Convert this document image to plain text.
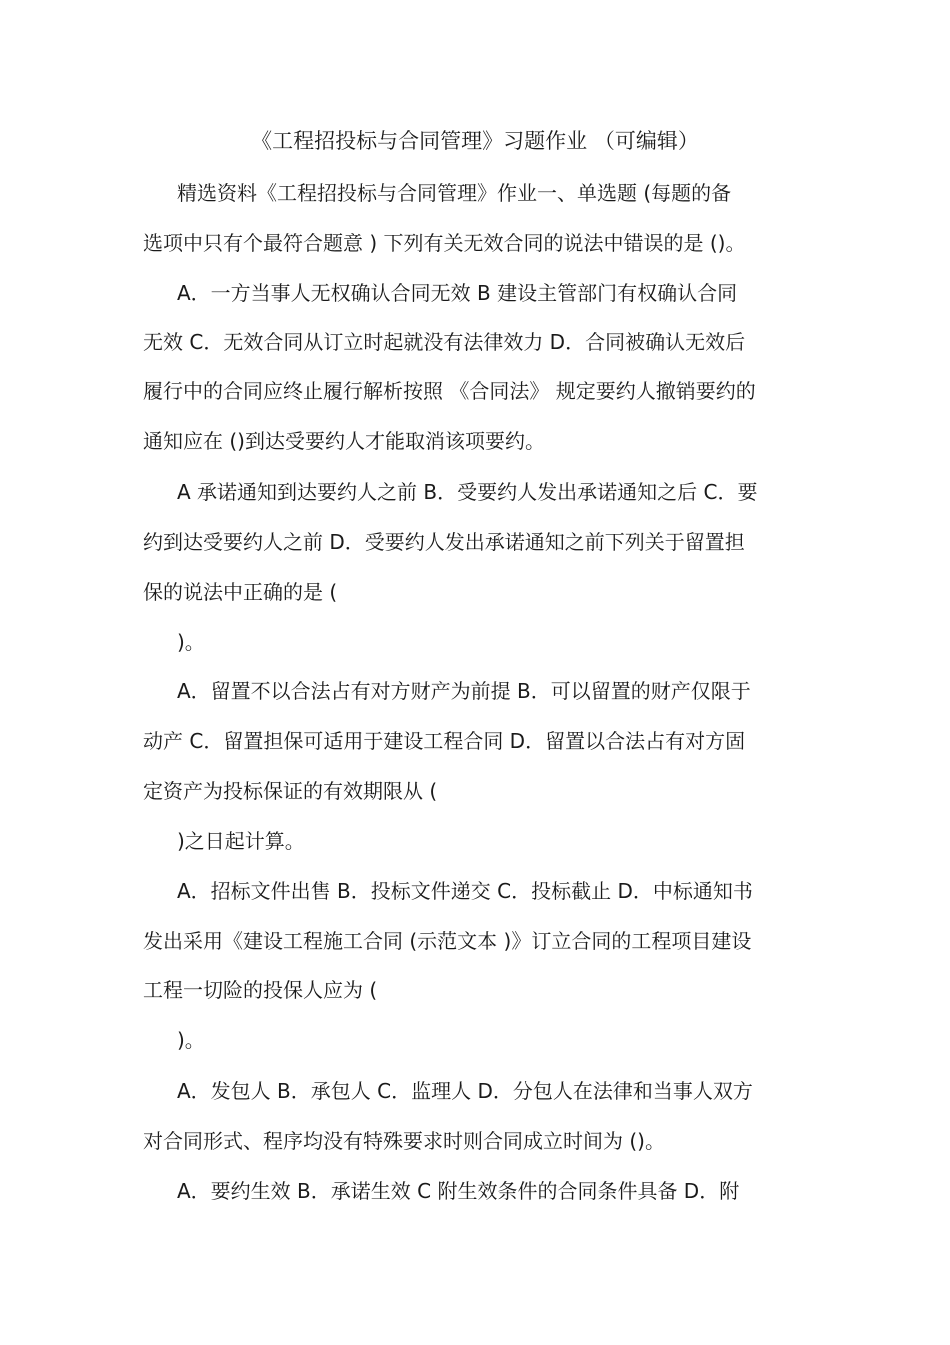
《工程招投标与合同管理》习题作业 （可编辑）
精选资料《工程招投标与合同管理》作业一、单选题 (每题的备
选项中只有个最符合题意 ) 下列有关无效合同的说法中错误的是 ()。
A．一方当事人无权确认合同无效 B 建设主管部门有权确认合同
无效 C．无效合同从订立时起就没有法律效力 D．合同被确认无效后
履行中的合同应终止履行解析按照 《合同法》 规定要约人撤销要约的
通知应在 ()到达受要约人才能取消该项要约。
A 承诺通知到达要约人之前 B．受要约人发出承诺通知之后 C．要
约到达受要约人之前 D．受要约人发出承诺通知之前下列关于留置担
保的说法中正确的是 (
)。
A．留置不以合法占有对方财产为前提 B．可以留置的财产仅限于
动产 C．留置担保可适用于建设工程合同 D．留置以合法占有对方固
定资产为投标保证的有效期限从 (
)之日起计算。
A．招标文件出售 B．投标文件递交 C．投标截止 D．中标通知书
发出采用《建设工程施工合同 (示范文本 )》订立合同的工程项目建设
工程一切险的投保人应为 (
)。
A．发包人 B．承包人 C．监理人 D．分包人在法律和当事人双方
对合同形式、程序均没有特殊要求时则合同成立时间为 ()。
A．要约生效 B．承诺生效 C 附生效条件的合同条件具备 D．附
